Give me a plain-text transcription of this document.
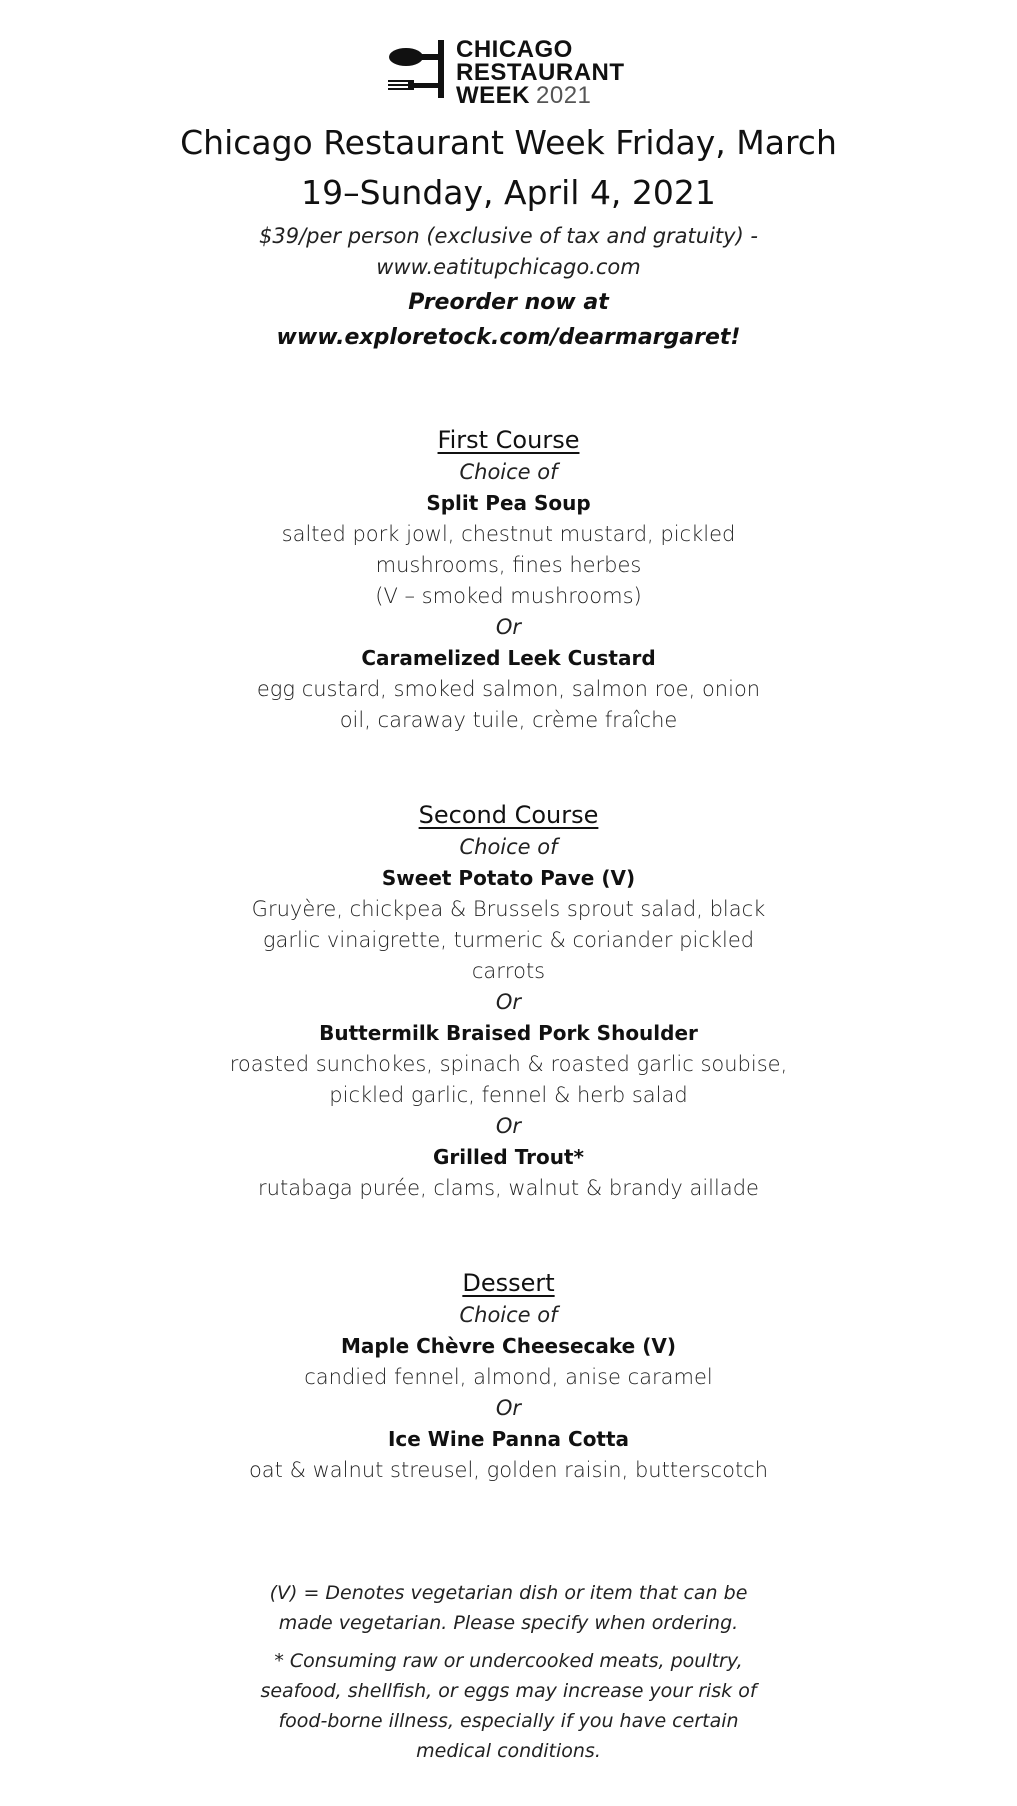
CHICAGO
RESTAURANT
WEEK 2021
Chicago Restaurant Week Friday, March 19–Sunday, April 4, 2021
$39/per person (exclusive of tax and gratuity) - www.eatitupchicago.com
Preorder now at www.exploretock.com/dearmargaret!
First Course
Choice of
Split Pea Soup
salted pork jowl, chestnut mustard, pickled mushrooms, fines herbes
(V – smoked mushrooms)
Or
Caramelized Leek Custard
egg custard, smoked salmon, salmon roe, onion oil, caraway tuile, crème fraîche
Second Course
Choice of
Sweet Potato Pave (V)
Gruyère, chickpea & Brussels sprout salad, black garlic vinaigrette, turmeric & coriander pickled carrots
Or
Buttermilk Braised Pork Shoulder
roasted sunchokes, spinach & roasted garlic soubise, pickled garlic, fennel & herb salad
Or
Grilled Trout*
rutabaga purée, clams, walnut & brandy aillade
Dessert
Choice of
Maple Chèvre Cheesecake (V)
candied fennel, almond, anise caramel
Or
Ice Wine Panna Cotta
oat & walnut streusel, golden raisin, butterscotch
(V) = Denotes vegetarian dish or item that can be made vegetarian. Please specify when ordering.
* Consuming raw or undercooked meats, poultry, seafood, shellfish, or eggs may increase your risk of food-borne illness, especially if you have certain medical conditions.
